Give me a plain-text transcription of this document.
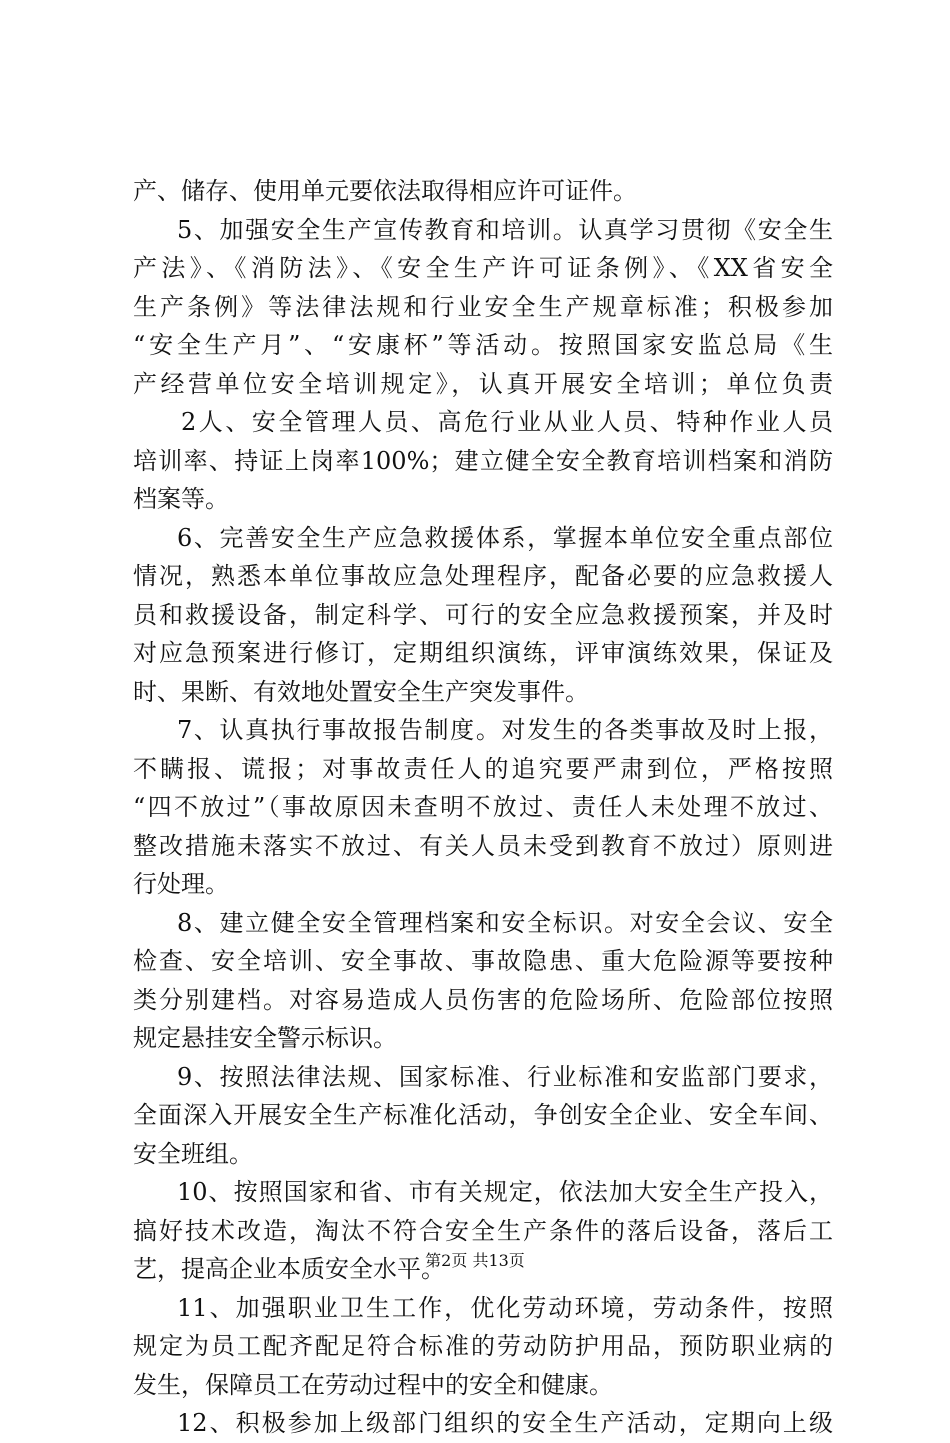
产、储存、使用单元要依法取得相应许可证件。
5、加强安全生产宣传教育和培训。认真学习贯彻《安全生
产法》、《消防法》、《安全生产许可证条例》、《XX省安全
生产条例》等法律法规和行业安全生产规章标准；积极参加
“安全生产月”、“安康杯”等活动。按照国家安监总局《生
产经营单位安全培训规定》，认真开展安全培训；单位负责
2人、安全管理人员、高危行业从业人员、特种作业人员
培训率、持证上岗率100%；建立健全安全教育培训档案和消防
档案等。
6、完善安全生产应急救援体系，掌握本单位安全重点部位
情况，熟悉本单位事故应急处理程序，配备必要的应急救援人
员和救援设备，制定科学、可行的安全应急救援预案，并及时
对应急预案进行修订，定期组织演练，评审演练效果，保证及
时、果断、有效地处置安全生产突发事件。
7、认真执行事故报告制度。对发生的各类事故及时上报，
不瞒报、谎报；对事故责任人的追究要严肃到位，严格按照
“四不放过”（事故原因未查明不放过、责任人未处理不放过、
整改措施未落实不放过、有关人员未受到教育不放过）原则进
行处理。
8、建立健全安全管理档案和安全标识。对安全会议、安全
检查、安全培训、安全事故、事故隐患、重大危险源等要按种
类分别建档。对容易造成人员伤害的危险场所、危险部位按照
规定悬挂安全警示标识。
9、按照法律法规、国家标准、行业标准和安监部门要求，
全面深入开展安全生产标准化活动，争创安全企业、安全车间、
安全班组。
10、按照国家和省、市有关规定，依法加大安全生产投入，
搞好技术改造，淘汰不符合安全生产条件的落后设备，落后工
艺，提高企业本质安全水平。
11、加强职业卫生工作，优化劳动环境，劳动条件，按照
规定为员工配齐配足符合标准的劳动防护用品，预防职业病的
发生，保障员工在劳动过程中的安全和健康。
12、积极参加上级部门组织的安全生产活动，定期向上级
第2页 共13页
